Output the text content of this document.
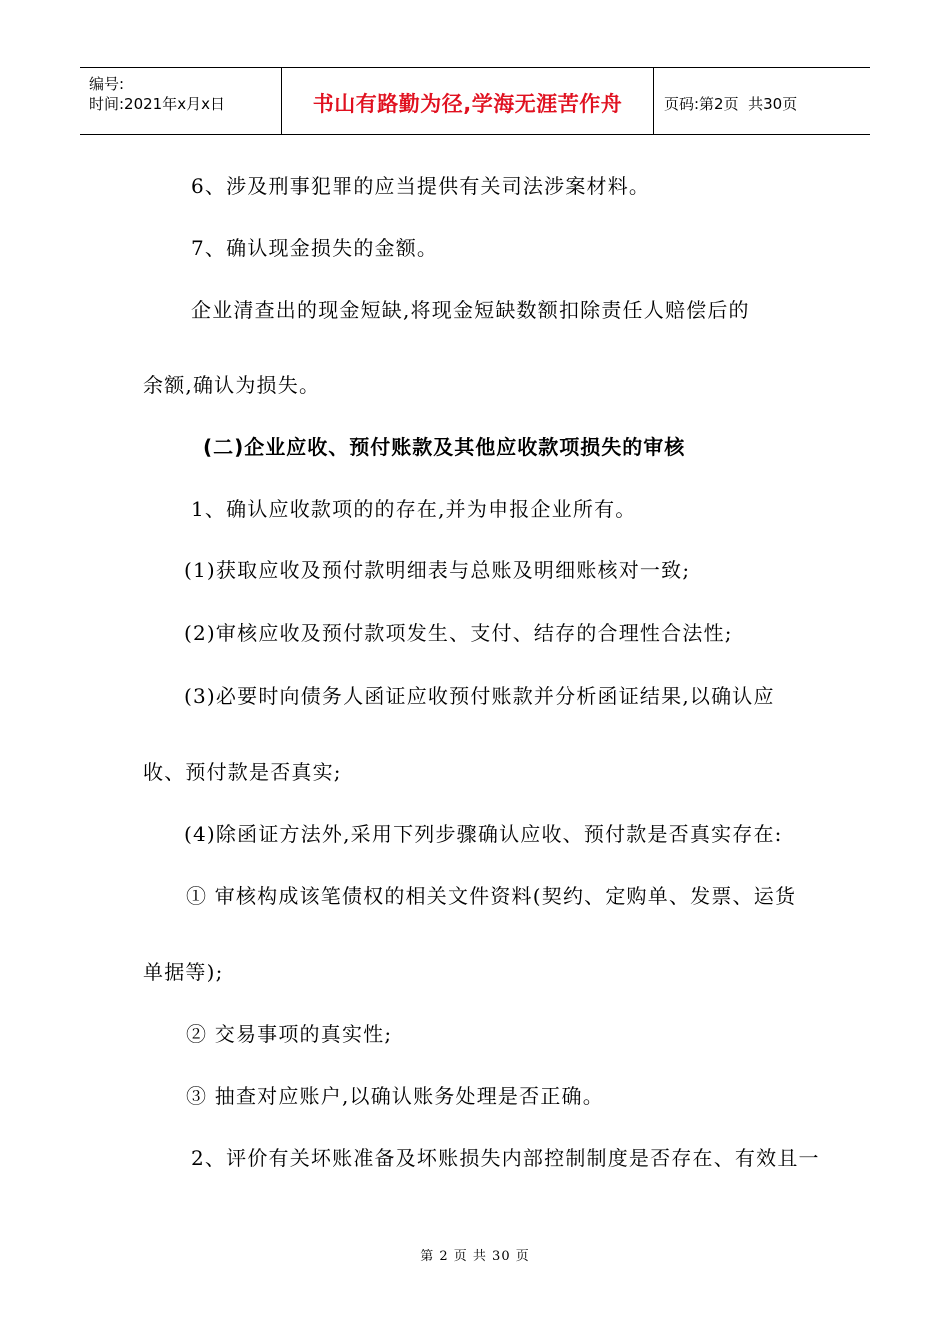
编号:
时间:2021年x月x日	书山有路勤为径,学海无涯苦作舟	页码:第2页  共30页
6、涉及刑事犯罪的应当提供有关司法涉案材料。
7、确认现金损失的金额。
企业清查出的现金短缺,将现金短缺数额扣除责任人赔偿后的
余额,确认为损失。
(二)企业应收、预付账款及其他应收款项损失的审核
1、确认应收款项的的存在,并为申报企业所有。
(1)获取应收及预付款明细表与总账及明细账核对一致;
(2)审核应收及预付款项发生、支付、结存的合理性合法性;
(3)必要时向债务人函证应收预付账款并分析函证结果,以确认应
收、预付款是否真实;
(4)除函证方法外,采用下列步骤确认应收、预付款是否真实存在:
① 审核构成该笔债权的相关文件资料(契约、定购单、发票、运货
单据等);
② 交易事项的真实性;
③ 抽查对应账户,以确认账务处理是否正确。
2、评价有关坏账准备及坏账损失内部控制制度是否存在、有效且一
第 2 页 共 30 页
